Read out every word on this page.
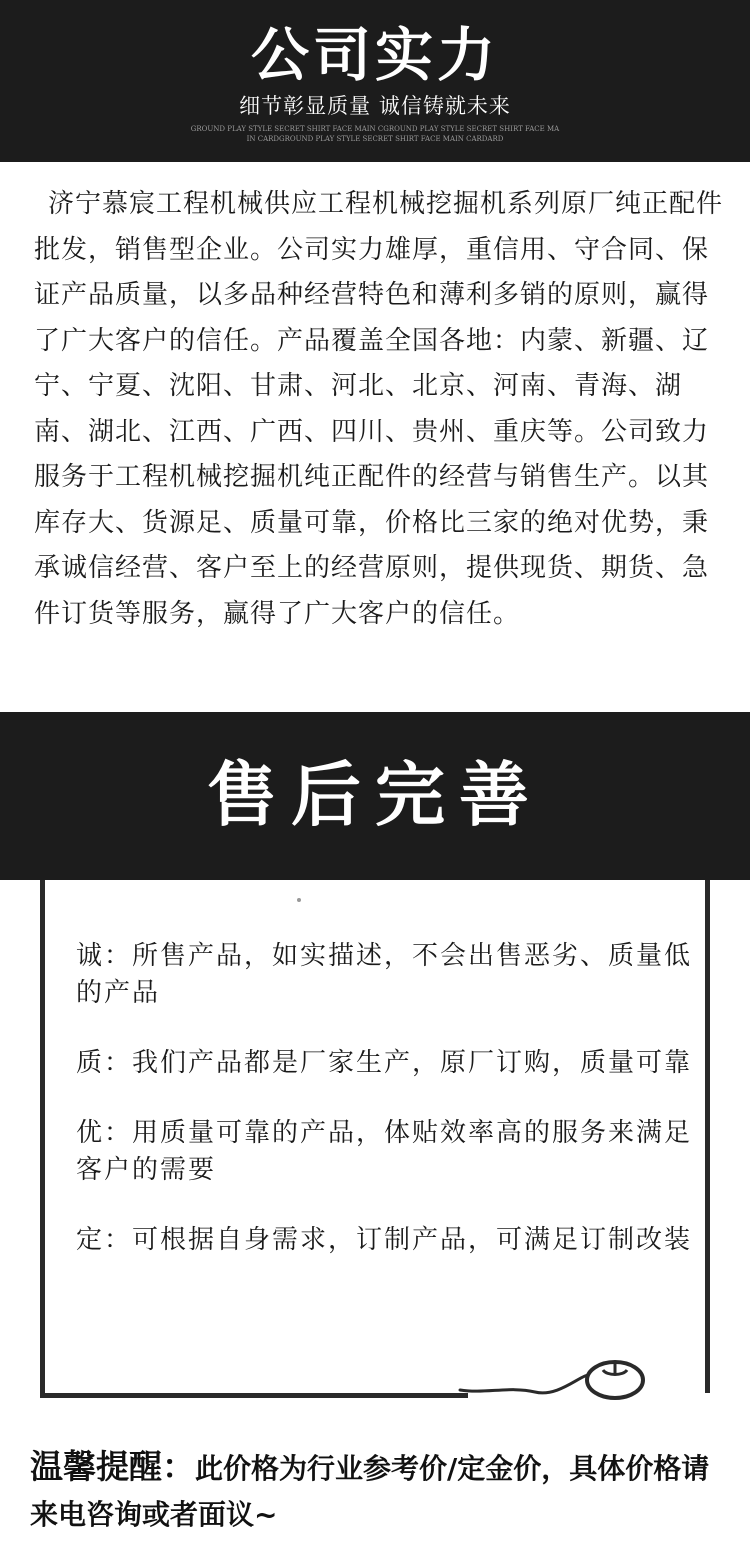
公司实力
细节彰显质量 诚信铸就未来
GROUND PLAY STYLE SECRET SHIRT FACE MAIN CGROUND PLAY STYLE SECRET SHIRT FACE MAIN CARDGROUND PLAY STYLE SECRET SHIRT FACE MAIN CARDARD
济宁慕宸工程机械供应工程机械挖掘机系列原厂纯正配件批发，销售型企业。公司实力雄厚，重信用、守合同、保证产品质量，以多品种经营特色和薄利多销的原则，赢得了广大客户的信任。产品覆盖全国各地：内蒙、新疆、辽宁、宁夏、沈阳、甘肃、河北、北京、河南、青海、湖南、湖北、江西、广西、四川、贵州、重庆等。公司致力服务于工程机械挖掘机纯正配件的经营与销售生产。以其库存大、货源足、质量可靠，价格比三家的绝对优势，秉承诚信经营、客户至上的经营原则，提供现货、期货、急件订货等服务，赢得了广大客户的信任。
售后完善
诚：所售产品，如实描述，不会出售恶劣、质量低的产品
质：我们产品都是厂家生产，原厂订购，质量可靠
优：用质量可靠的产品，体贴效率高的服务来满足客户的需要
定：可根据自身需求，订制产品，可满足订制改装
温馨提醒：此价格为行业参考价/定金价，具体价格请来电咨询或者面议~
